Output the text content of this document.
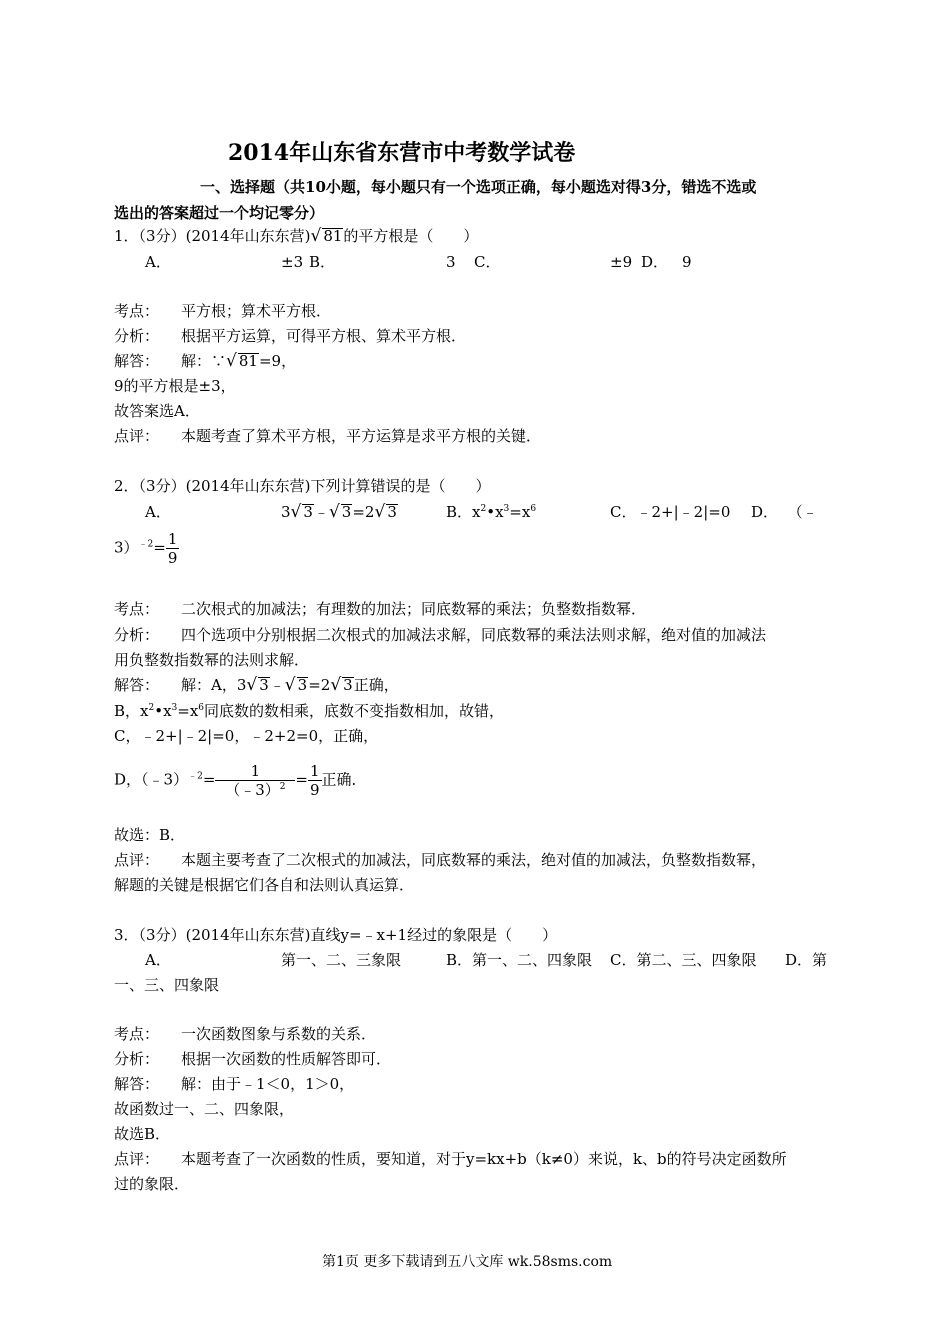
2014年山东省东营市中考数学试卷
一、选择题（共10小题，每小题只有一个选项正确，每小题选对得3分，错选不选或
选出的答案超过一个均记零分）
1．（3分）(2014年山东东营)√ 81的平方根是（　　）
A．	±3 B．	3 C．	±9 D． 9
考点： 平方根；算术平方根．
分析： 根据平方运算，可得平方根、算术平方根．
解答： 解：∵√ 81=9，
9的平方根是±3，
故答案选A．
点评： 本题考查了算术平方根，平方运算是求平方根的关键．
2．（3分）(2014年山东东营)下列计算错误的是（　　）
A．	3√ 3﹣√ 3=2√ 3	B．$x^2•x^3=x^6$	C．﹣2+|﹣2|=0 D． （﹣
$3)^{﹣2}= \frac{1}{9}$
考点： 二次根式的加减法；有理数的加法；同底数幂的乘法；负整数指数幂．
分析： 四个选项中分别根据二次根式的加减法求解，同底数幂的乘法法则求解，绝对值的加减法
用负整数指数幂的法则求解．
解答： 解：A，3√ 3﹣√ 3=2√ 3正确，
B，$x^2•x^3=x^6$同底数的数相乘，底数不变指数相加，故错，
C，﹣2+|﹣2|=0，﹣2+2=0，正确，
D，（﹣3）$^{﹣2}$= $\frac{1}{(﹣3)^2} = \frac{1}{9}$ 正确．
故选：B．
点评： 本题主要考查了二次根式的加减法，同底数幂的乘法，绝对值的加减法，负整数指数幂，
解题的关键是根据它们各自和法则认真运算．
3．（3分）(2014年山东东营)直线y=﹣x+1经过的象限是（　　）
A．	第一、二、三象限	B．第一、二、四象限 C．第二、三、四象限 D．第
一、三、四象限
考点： 一次函数图象与系数的关系．
分析： 根据一次函数的性质解答即可．
解答： 解：由于﹣1＜0，1＞0，
故函数过一、二、四象限，
故选B．
点评： 本题考查了一次函数的性质，要知道，对于y=kx+b（k≠0）来说，k、b的符号决定函数所
过的象限．
第1页 更多下载请到五八文库 wk.58sms.com
